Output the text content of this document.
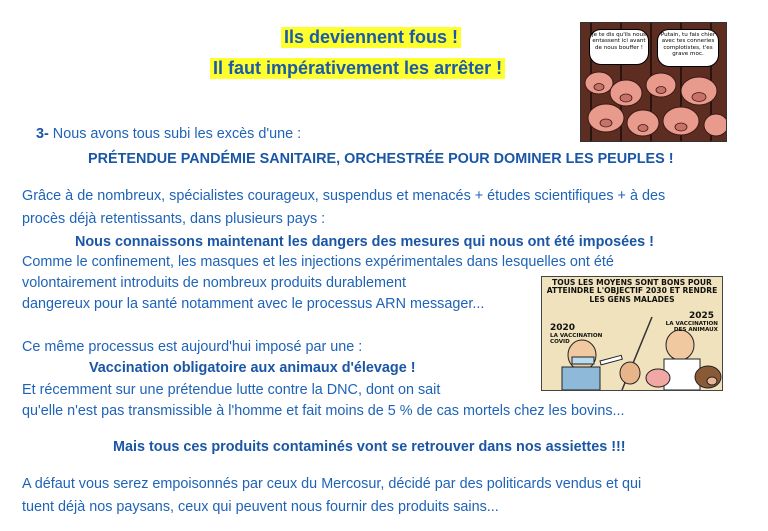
Ils deviennent fous !
Il faut impérativement les arrêter !
Je te dis qu'ils nous entassent ici avant de nous bouffer !
Putain, tu fais chier avec tes conneries complotistes, t'es grave moc.
3- Nous avons tous subi les excès d'une :
PRÉTENDUE PANDÉMIE SANITAIRE, ORCHESTRÉE POUR DOMINER LES PEUPLES !
Grâce à de nombreux, spécialistes courageux, suspendus et menacés + études scientifiques + à des
procès déjà retentissants, dans plusieurs pays :
Nous connaissons maintenant les dangers des mesures qui nous ont été imposées !
Comme le confinement, les masques et les injections expérimentales dans lesquelles ont été
volontairement introduits de nombreux produits durablement
dangereux pour la santé notamment avec le processus ARN messager...
TOUS LES MOYENS SONT BONS POUR ATTEINDRE L'OBJECTIF 2030 ET RENDRE LES GENS MALADES
2020
LA VACCINATION COVID
2025
LA VACCINATION DES ANIMAUX
Ce même processus est aujourd'hui imposé par une :
Vaccination obligatoire aux animaux d'élevage !
Et récemment sur une prétendue lutte contre la DNC, dont on sait
qu'elle n'est pas transmissible à l'homme et fait moins de 5 % de cas mortels chez les bovins...
Mais tous ces produits contaminés vont se retrouver dans nos assiettes !!!
A défaut vous serez empoisonnés par ceux du Mercosur, décidé par des politicards vendus et qui
tuent déjà nos paysans, ceux qui peuvent nous fournir des produits sains...
